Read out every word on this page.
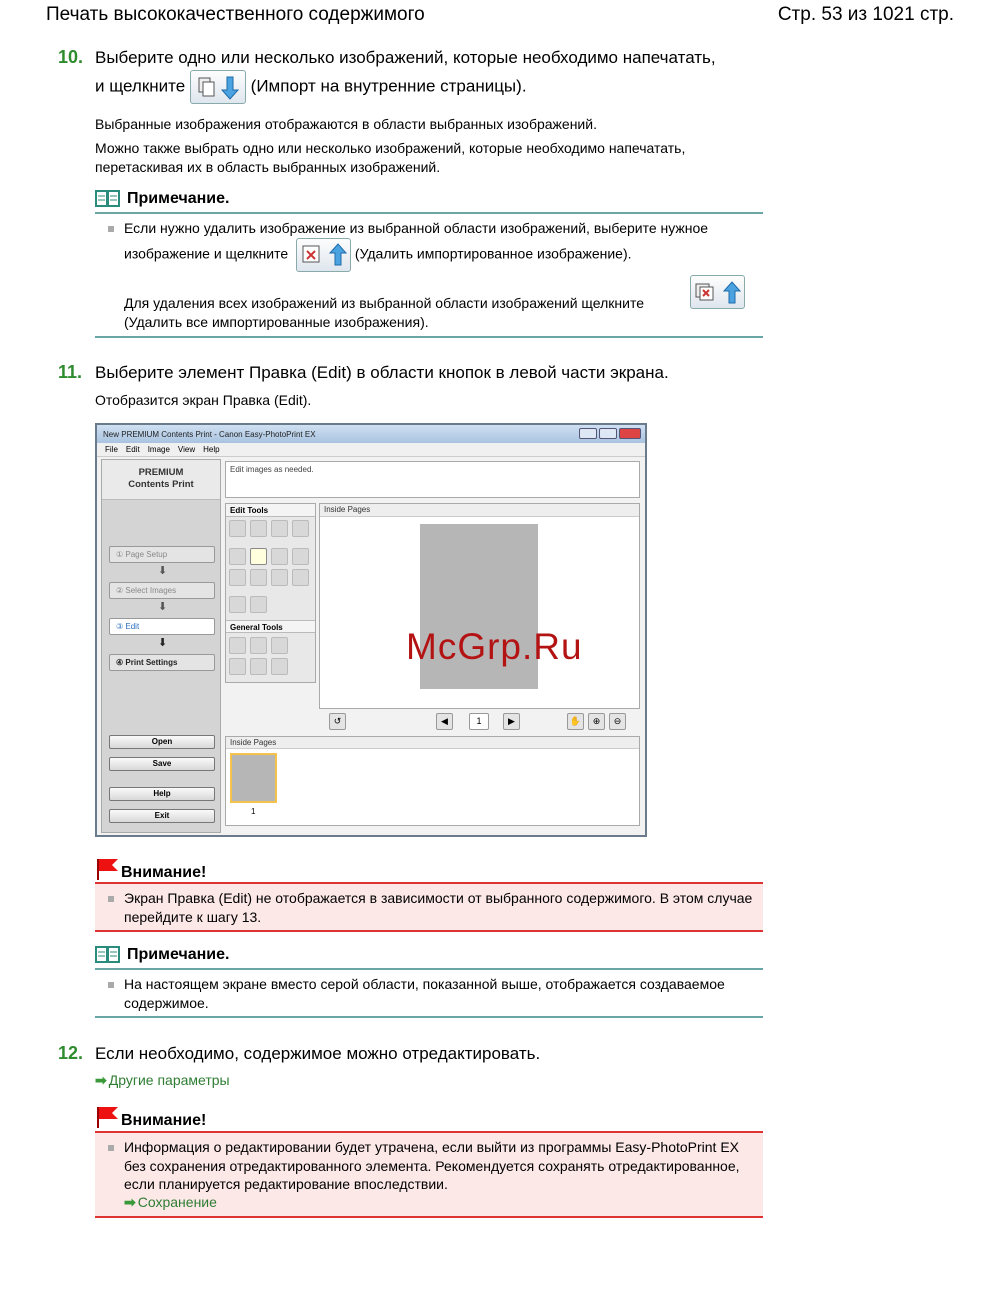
Печать высококачественного содержимого	Стр. 53 из 1021 стр.
10. Выберите одно или несколько изображений, которые необходимо напечатать,
и щелкните	(Импорт на внутренние страницы).
Выбранные изображения отображаются в области выбранных изображений.
Можно также выбрать одно или несколько изображений, которые необходимо напечатать, перетаскивая их в область выбранных изображений.
Примечание.
Если нужно удалить изображение из выбранной области изображений, выберите нужное
изображение и щелкните	(Удалить импортированное изображение).
Для удаления всех изображений из выбранной области изображений щелкните
(Удалить все импортированные изображения).
11. Выберите элемент Правка (Edit) в области кнопок в левой части экрана.
Отобразится экран Правка (Edit).
New PREMIUM Contents Print - Canon Easy-PhotoPrint EX
File Edit Image View Help
PREMIUM
Contents Print
① Page Setup
⬇
② Select Images
⬇
③ Edit
⬇
④ Print Settings
Open
Save
Help
Exit
Edit images as needed.
Edit Tools
General Tools
Inside Pages
↺	◀	1	▶	✋	⊕	⊖
Inside Pages
1
McGrp.Ru
Внимание!
Экран Правка (Edit) не отображается в зависимости от выбранного содержимого. В этом случае перейдите к шагу 13.
Примечание.
На настоящем экране вместо серой области, показанной выше, отображается создаваемое содержимое.
12. Если необходимо, содержимое можно отредактировать.
➡ Другие параметры
Внимание!
Информация о редактировании будет утрачена, если выйти из программы Easy-PhotoPrint EX без сохранения отредактированного элемента. Рекомендуется сохранять отредактированное, если планируется редактирование впоследствии.
➡ Сохранение
